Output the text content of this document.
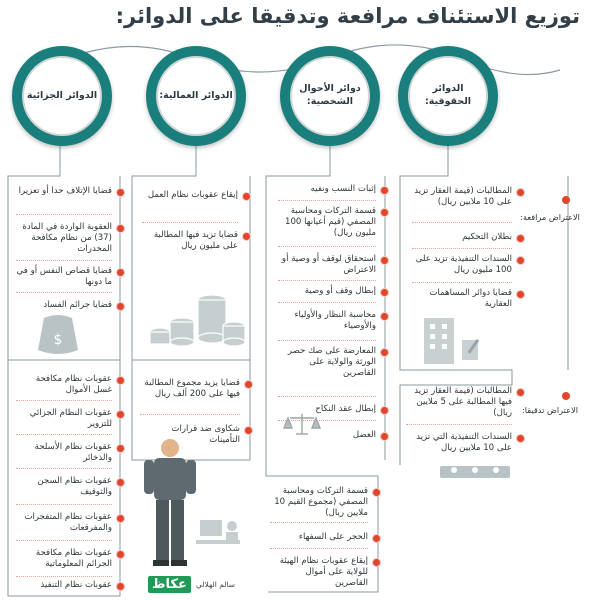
$
توزيع الاستئناف مرافعة وتدقيقا على الدوائر:
الدوائر الحقوقية:
دوائر الأحوال الشخصية:
الدوائر العمالية:
الدوائر الجزائية
الاعتراض مرافعة:
الاعتراض تدقيقا:
المطالبات (قيمة العقار تزيد على 10 ملايين ريال)
بطلان التحكيم
السندات التنفيذية تزيد على 100 مليون ريال
قضايا دوائر المساهمات العقارية
المطالبات (قيمة العقار تزيد فيها المطالبة على 5 ملايين ريال)
السندات التنفيذية التي تزيد على 10 ملايين ريال
إثبات النسب ونفيه
قسمة التركات ومحاسبة المصفي (قيم أعيانها 100 مليون ريال)
استحقاق لوقف أو وصية أو الاعتراض
إبطال وقف أو وصية
محاسبة النظار والأولياء والأوصياء
المعارضة على صك حصر الورثة والولاية على القاصرين
إبطال عقد النكاح
العضل
قسمة التركات ومحاسبة المصفي (مجموع القيم 10 ملايين ريال)
الحجر على السفهاء
إيقاع عقوبات نظام الهيئة للولاية على أموال القاصرين
إيقاع عقوبات نظام العمل
قضايا تزيد فيها المطالبة على مليون ريال
قضايا يزيد مجموع المطالبة فيها على 200 ألف ريال
شكاوى ضد قرارات التأمينات
قضايا الإتلاف حدا أو تعزيرا
العقوبة الواردة في المادة (37) من نظام مكافحة المخدرات
قضايا قصاص النفس أو في ما دونها
قضايا جرائم الفساد
عقوبات نظام مكافحة غسل الأموال
عقوبات النظام الجزائي للتزوير
عقوبات نظام الأسلحة والذخائر
عقوبات نظام السجن والتوقيف
عقوبات نظام المتفجرات والمفرقعات
عقوبات نظام مكافحة الجرائم المعلوماتية
عقوبات نظام التنفيذ	سالم الهلالي
عكاظ
